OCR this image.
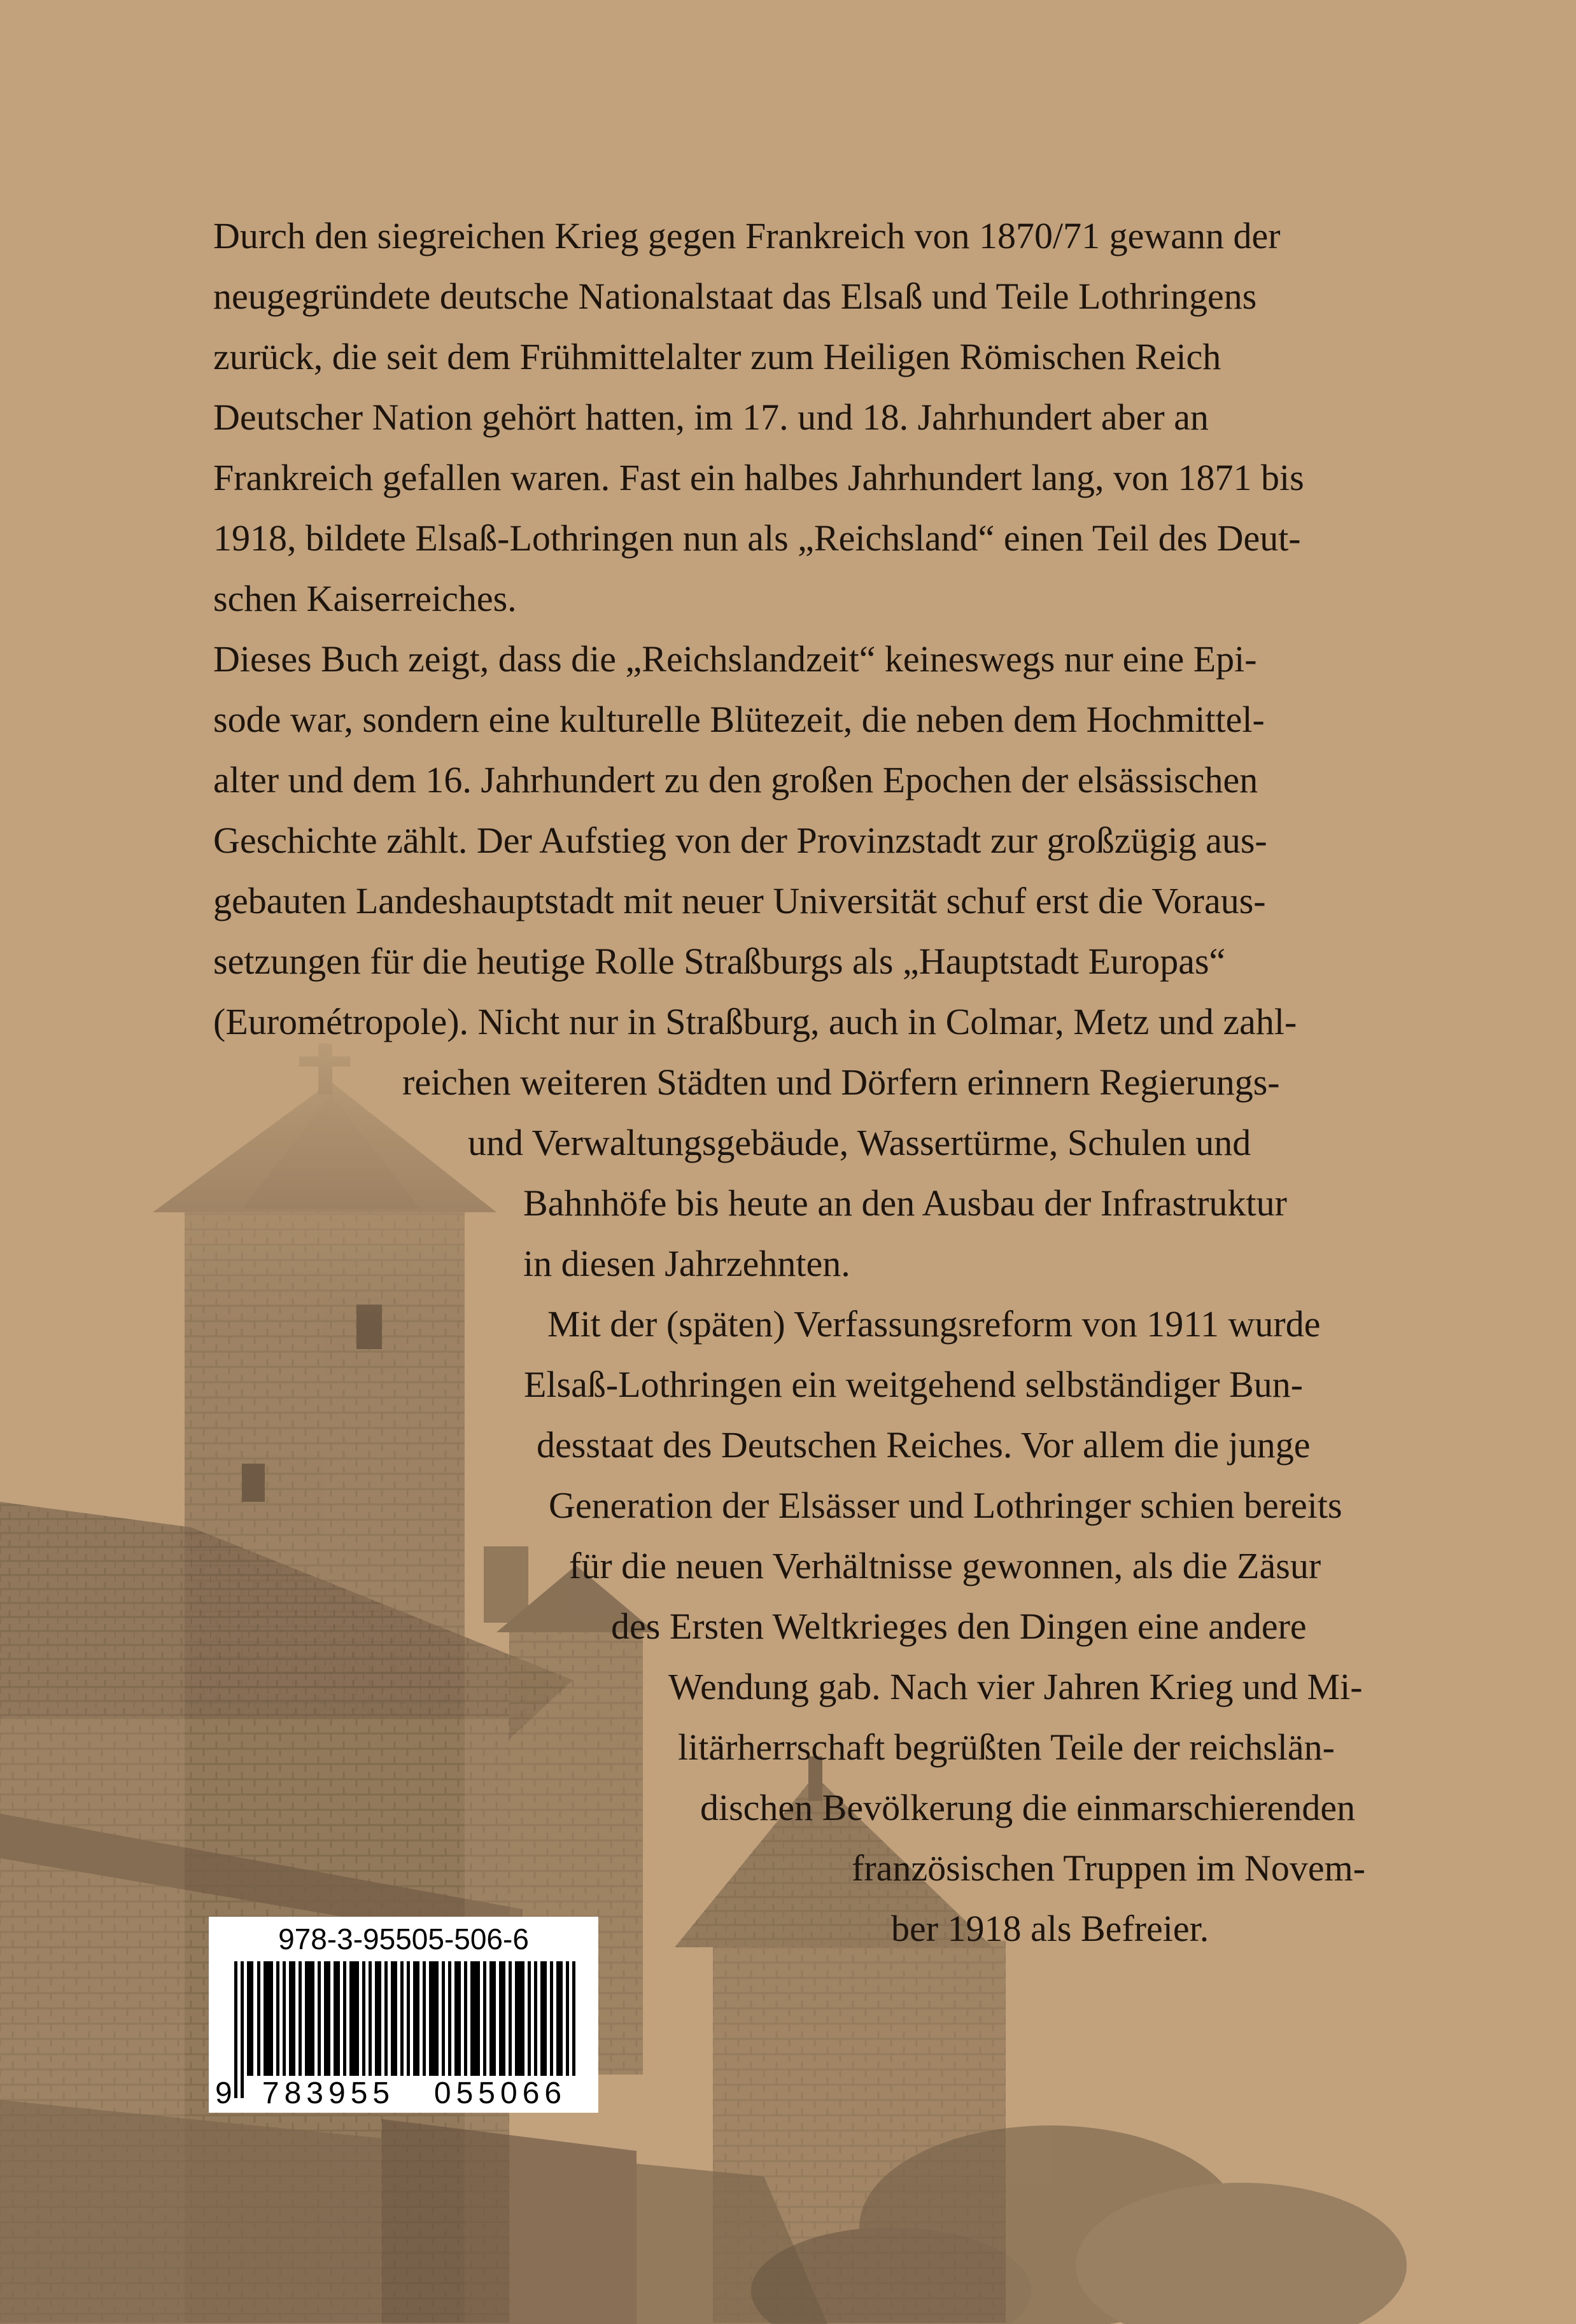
Durch den siegreichen Krieg gegen Frankreich von 1870/71 gewann der

neugegründete deutsche Nationalstaat das Elsaß und Teile Lothringens

zurück, die seit dem Frühmittelalter zum Heiligen Römischen Reich

Deutscher Nation gehört hatten, im 17. und 18. Jahrhundert aber an

Frankreich gefallen waren. Fast ein halbes Jahrhundert lang, von 1871 bis

1918, bildete Elsaß-Lothringen nun als „Reichsland“ einen Teil des Deut-

schen Kaiserreiches.

Dieses Buch zeigt, dass die „Reichslandzeit“ keineswegs nur eine Epi-

sode war, sondern eine kulturelle Blütezeit, die neben dem Hochmittel-

alter und dem 16. Jahrhundert zu den großen Epochen der elsässischen

Geschichte zählt. Der Aufstieg von der Provinzstadt zur großzügig aus-

gebauten Landeshauptstadt mit neuer Universität schuf erst die Voraus-

setzungen für die heutige Rolle Straßburgs als „Hauptstadt Europas“

(Eurométropole). Nicht nur in Straßburg, auch in Colmar, Metz und zahl-

reichen weiteren Städten und Dörfern erinnern Regierungs-

und Verwaltungsgebäude, Wassertürme, Schulen und

Bahnhöfe bis heute an den Ausbau der Infrastruktur

in diesen Jahrzehnten.

Mit der (späten) Verfassungsreform von 1911 wurde

Elsaß-Lothringen ein weitgehend selbständiger Bun-

desstaat des Deutschen Reiches. Vor allem die junge

Generation der Elsässer und Lothringer schien bereits

für die neuen Verhältnisse gewonnen, als die Zäsur

des Ersten Weltkrieges den Dingen eine andere

Wendung gab. Nach vier Jahren Krieg und Mi-

litärherrschaft begrüßten Teile der reichslän-

dischen Bevölkerung die einmarschierenden

französischen Truppen im Novem-

ber 1918 als Befreier.

978-3-95505-506-6
9 783955	055066
